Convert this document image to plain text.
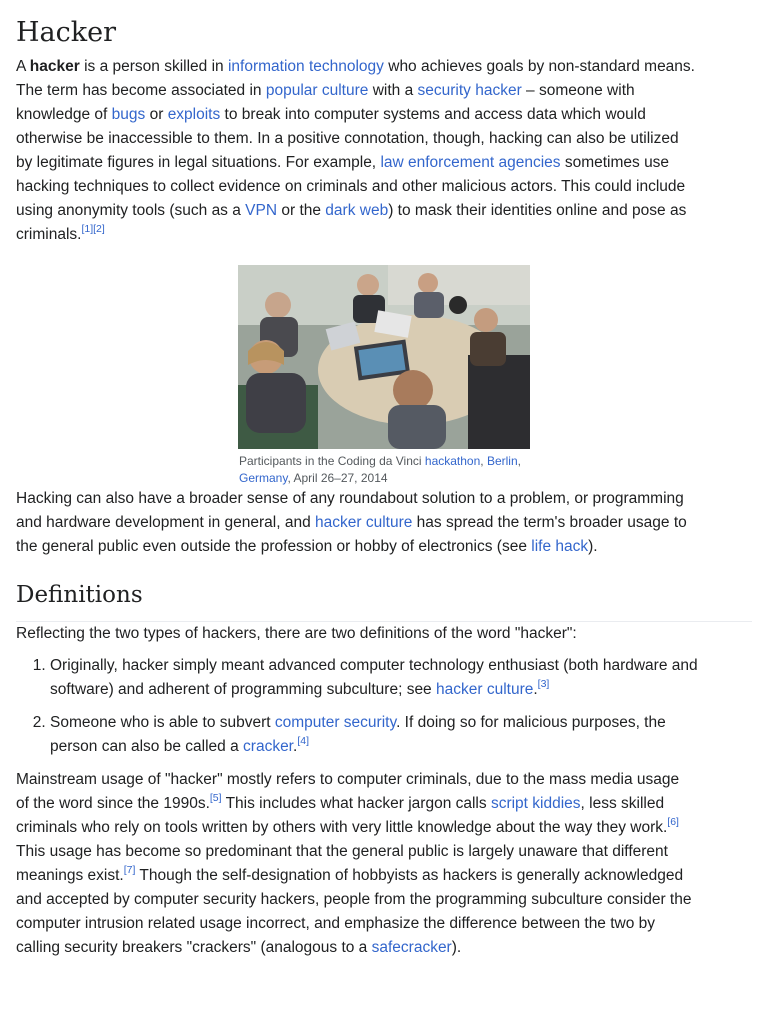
Hacker

A hacker is a person skilled in information technology who achieves goals by non-standard means. The term has become associated in popular culture with a security hacker – someone with knowledge of bugs or exploits to break into computer systems and access data which would otherwise be inaccessible to them. In a positive connotation, though, hacking can also be utilized by legitimate figures in legal situations. For example, law enforcement agencies sometimes use hacking techniques to collect evidence on criminals and other malicious actors. This could include using anonymity tools (such as a VPN or the dark web) to mask their identities online and pose as criminals.[1][2]

Participants in the Coding da Vinci hackathon, Berlin, Germany, April 26–27, 2014

Hacking can also have a broader sense of any roundabout solution to a problem, or programming and hardware development in general, and hacker culture has spread the term's broader usage to the general public even outside the profession or hobby of electronics (see life hack).

Definitions

Reflecting the two types of hackers, there are two definitions of the word "hacker":

1. Originally, hacker simply meant advanced computer technology enthusiast (both hardware and software) and adherent of programming subculture; see hacker culture.[3]
2. Someone who is able to subvert computer security. If doing so for malicious purposes, the person can also be called a cracker.[4]

Mainstream usage of "hacker" mostly refers to computer criminals, due to the mass media usage of the word since the 1990s.[5] This includes what hacker jargon calls script kiddies, less skilled criminals who rely on tools written by others with very little knowledge about the way they work.[6] This usage has become so predominant that the general public is largely unaware that different meanings exist.[7] Though the self-designation of hobbyists as hackers is generally acknowledged and accepted by computer security hackers, people from the programming subculture consider the computer intrusion related usage incorrect, and emphasize the difference between the two by calling security breakers "crackers" (analogous to a safecracker).
